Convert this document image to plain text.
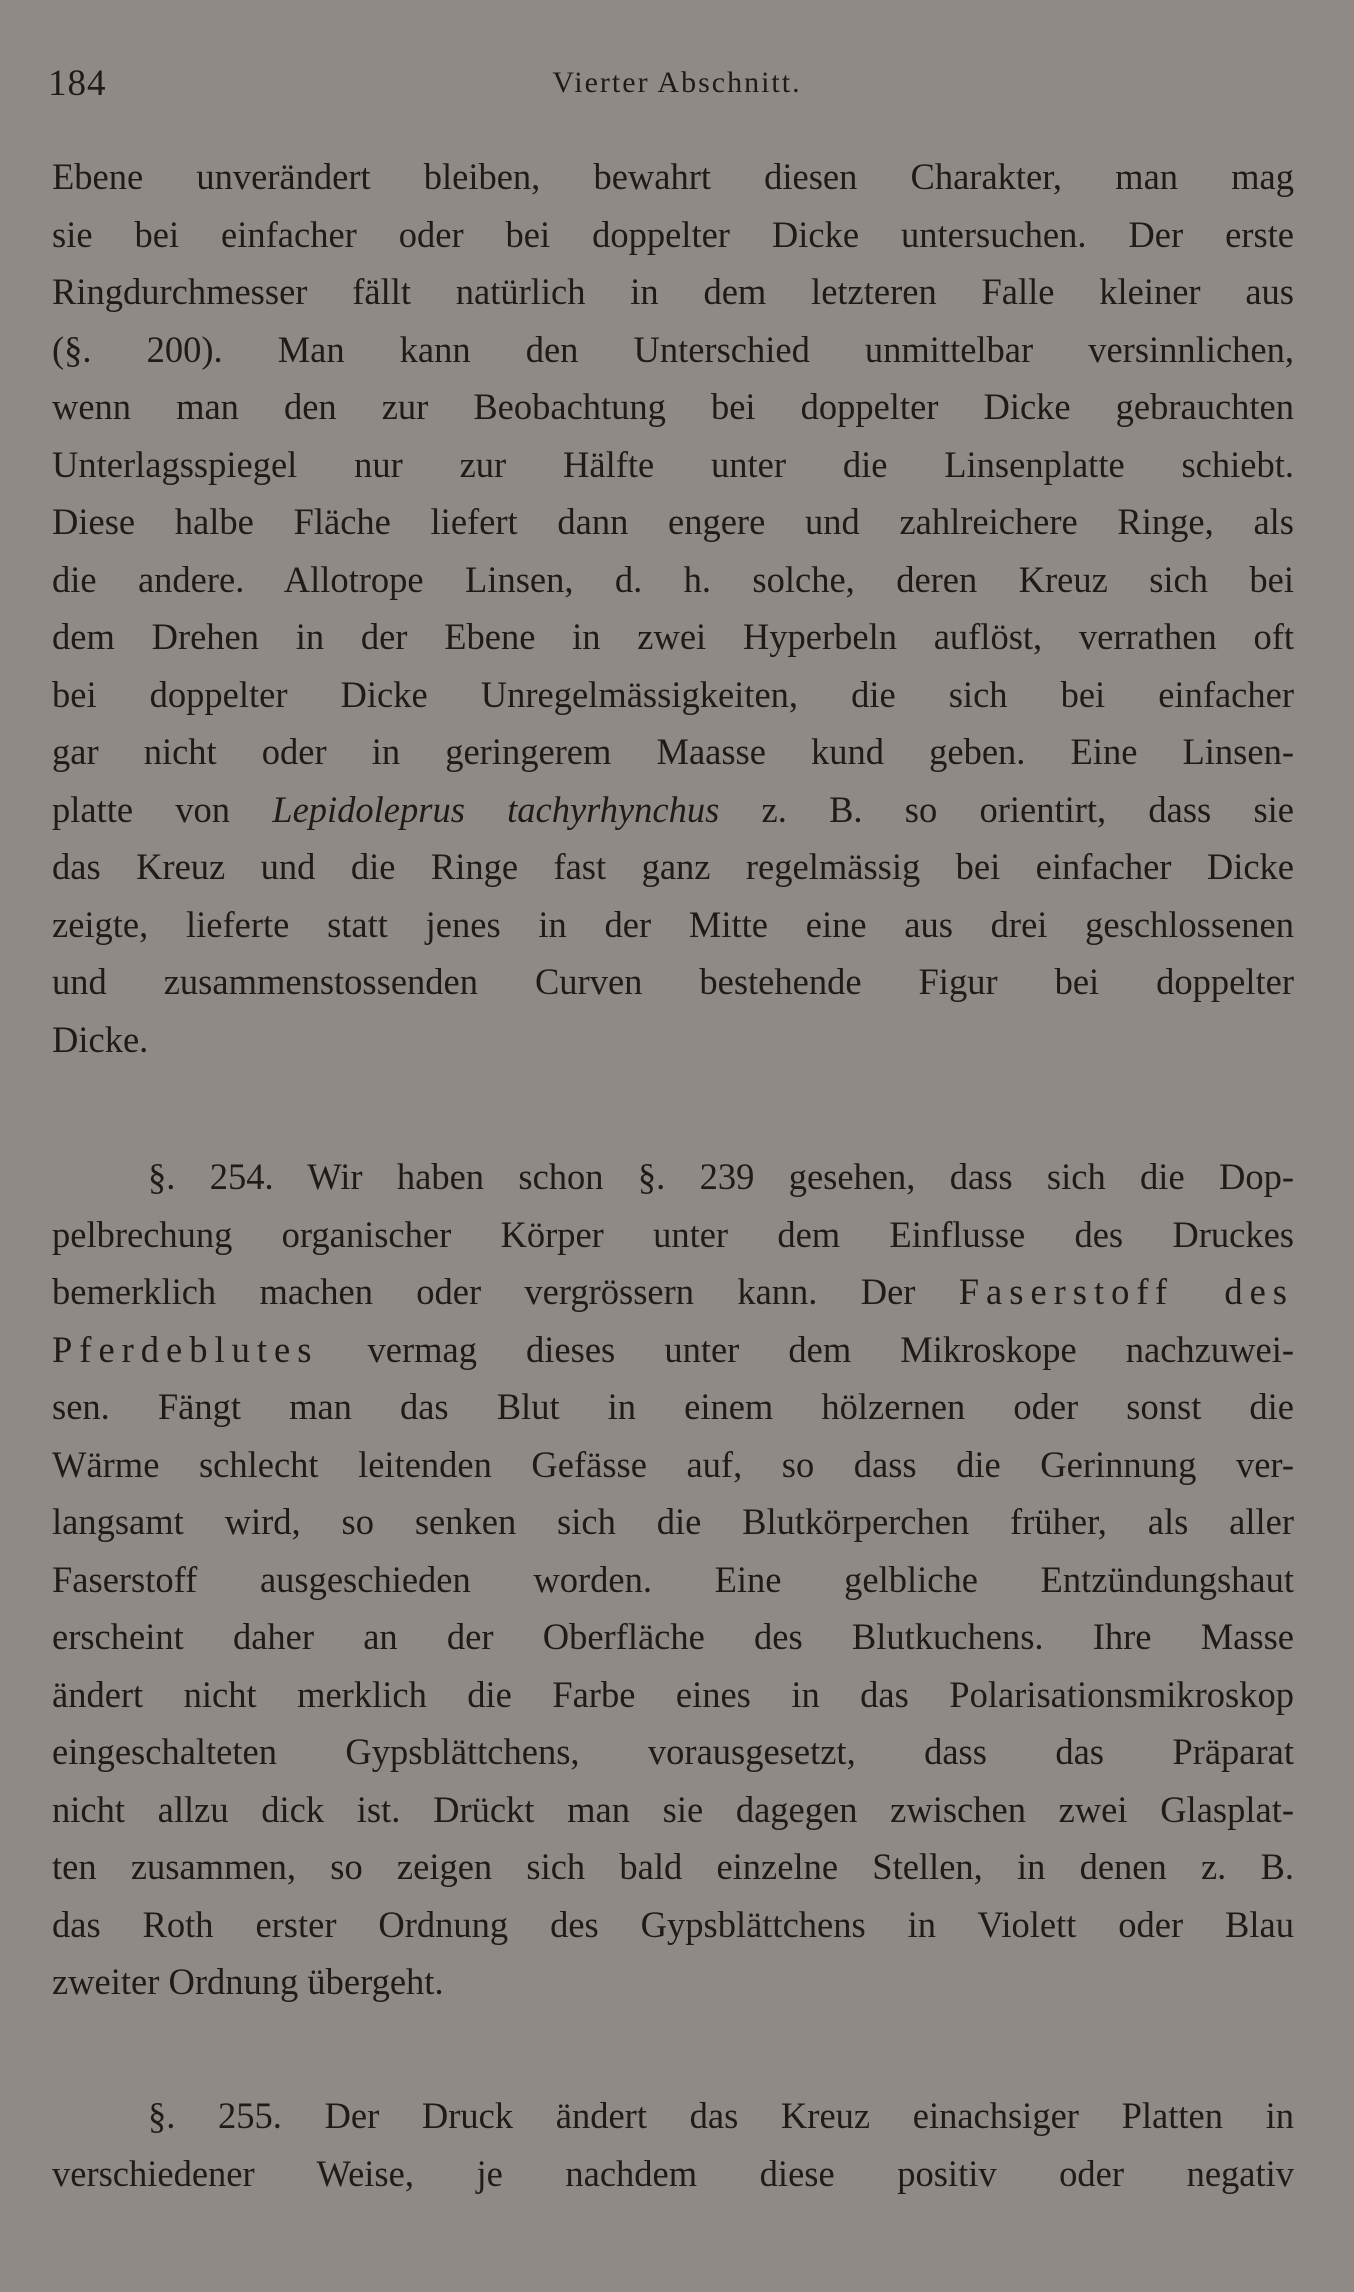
184	Vierter Abschnitt.
Ebene unverändert bleiben, bewahrt diesen Charakter, man mag
sie bei einfacher oder bei doppelter Dicke untersuchen. Der erste
Ringdurchmesser fällt natürlich in dem letzteren Falle kleiner aus
(§. 200). Man kann den Unterschied unmittelbar versinnlichen,
wenn man den zur Beobachtung bei doppelter Dicke gebrauchten
Unterlagsspiegel nur zur Hälfte unter die Linsenplatte schiebt.
Diese halbe Fläche liefert dann engere und zahlreichere Ringe, als
die andere. Allotrope Linsen, d. h. solche, deren Kreuz sich bei
dem Drehen in der Ebene in zwei Hyperbeln auflöst, verrathen oft
bei doppelter Dicke Unregelmässigkeiten, die sich bei einfacher
gar nicht oder in geringerem Maasse kund geben. Eine Linsen-
platte von Lepidoleprus tachyrhynchus z. B. so orientirt, dass sie
das Kreuz und die Ringe fast ganz regelmässig bei einfacher Dicke
zeigte, lieferte statt jenes in der Mitte eine aus drei geschlossenen
und zusammenstossenden Curven bestehende Figur bei doppelter
Dicke.
§. 254. Wir haben schon §. 239 gesehen, dass sich die Dop-
pelbrechung organischer Körper unter dem Einflusse des Druckes
bemerklich machen oder vergrössern kann. Der Faserstoff des
Pferdeblutes vermag dieses unter dem Mikroskope nachzuwei-
sen. Fängt man das Blut in einem hölzernen oder sonst die
Wärme schlecht leitenden Gefässe auf, so dass die Gerinnung ver-
langsamt wird, so senken sich die Blutkörperchen früher, als aller
Faserstoff ausgeschieden worden. Eine gelbliche Entzündungshaut
erscheint daher an der Oberfläche des Blutkuchens. Ihre Masse
ändert nicht merklich die Farbe eines in das Polarisationsmikroskop
eingeschalteten Gypsblättchens, vorausgesetzt, dass das Präparat
nicht allzu dick ist. Drückt man sie dagegen zwischen zwei Glasplat-
ten zusammen, so zeigen sich bald einzelne Stellen, in denen z. B.
das Roth erster Ordnung des Gypsblättchens in Violett oder Blau
zweiter Ordnung übergeht.
§. 255. Der Druck ändert das Kreuz einachsiger Platten in
verschiedener Weise, je nachdem diese positiv oder negativ
